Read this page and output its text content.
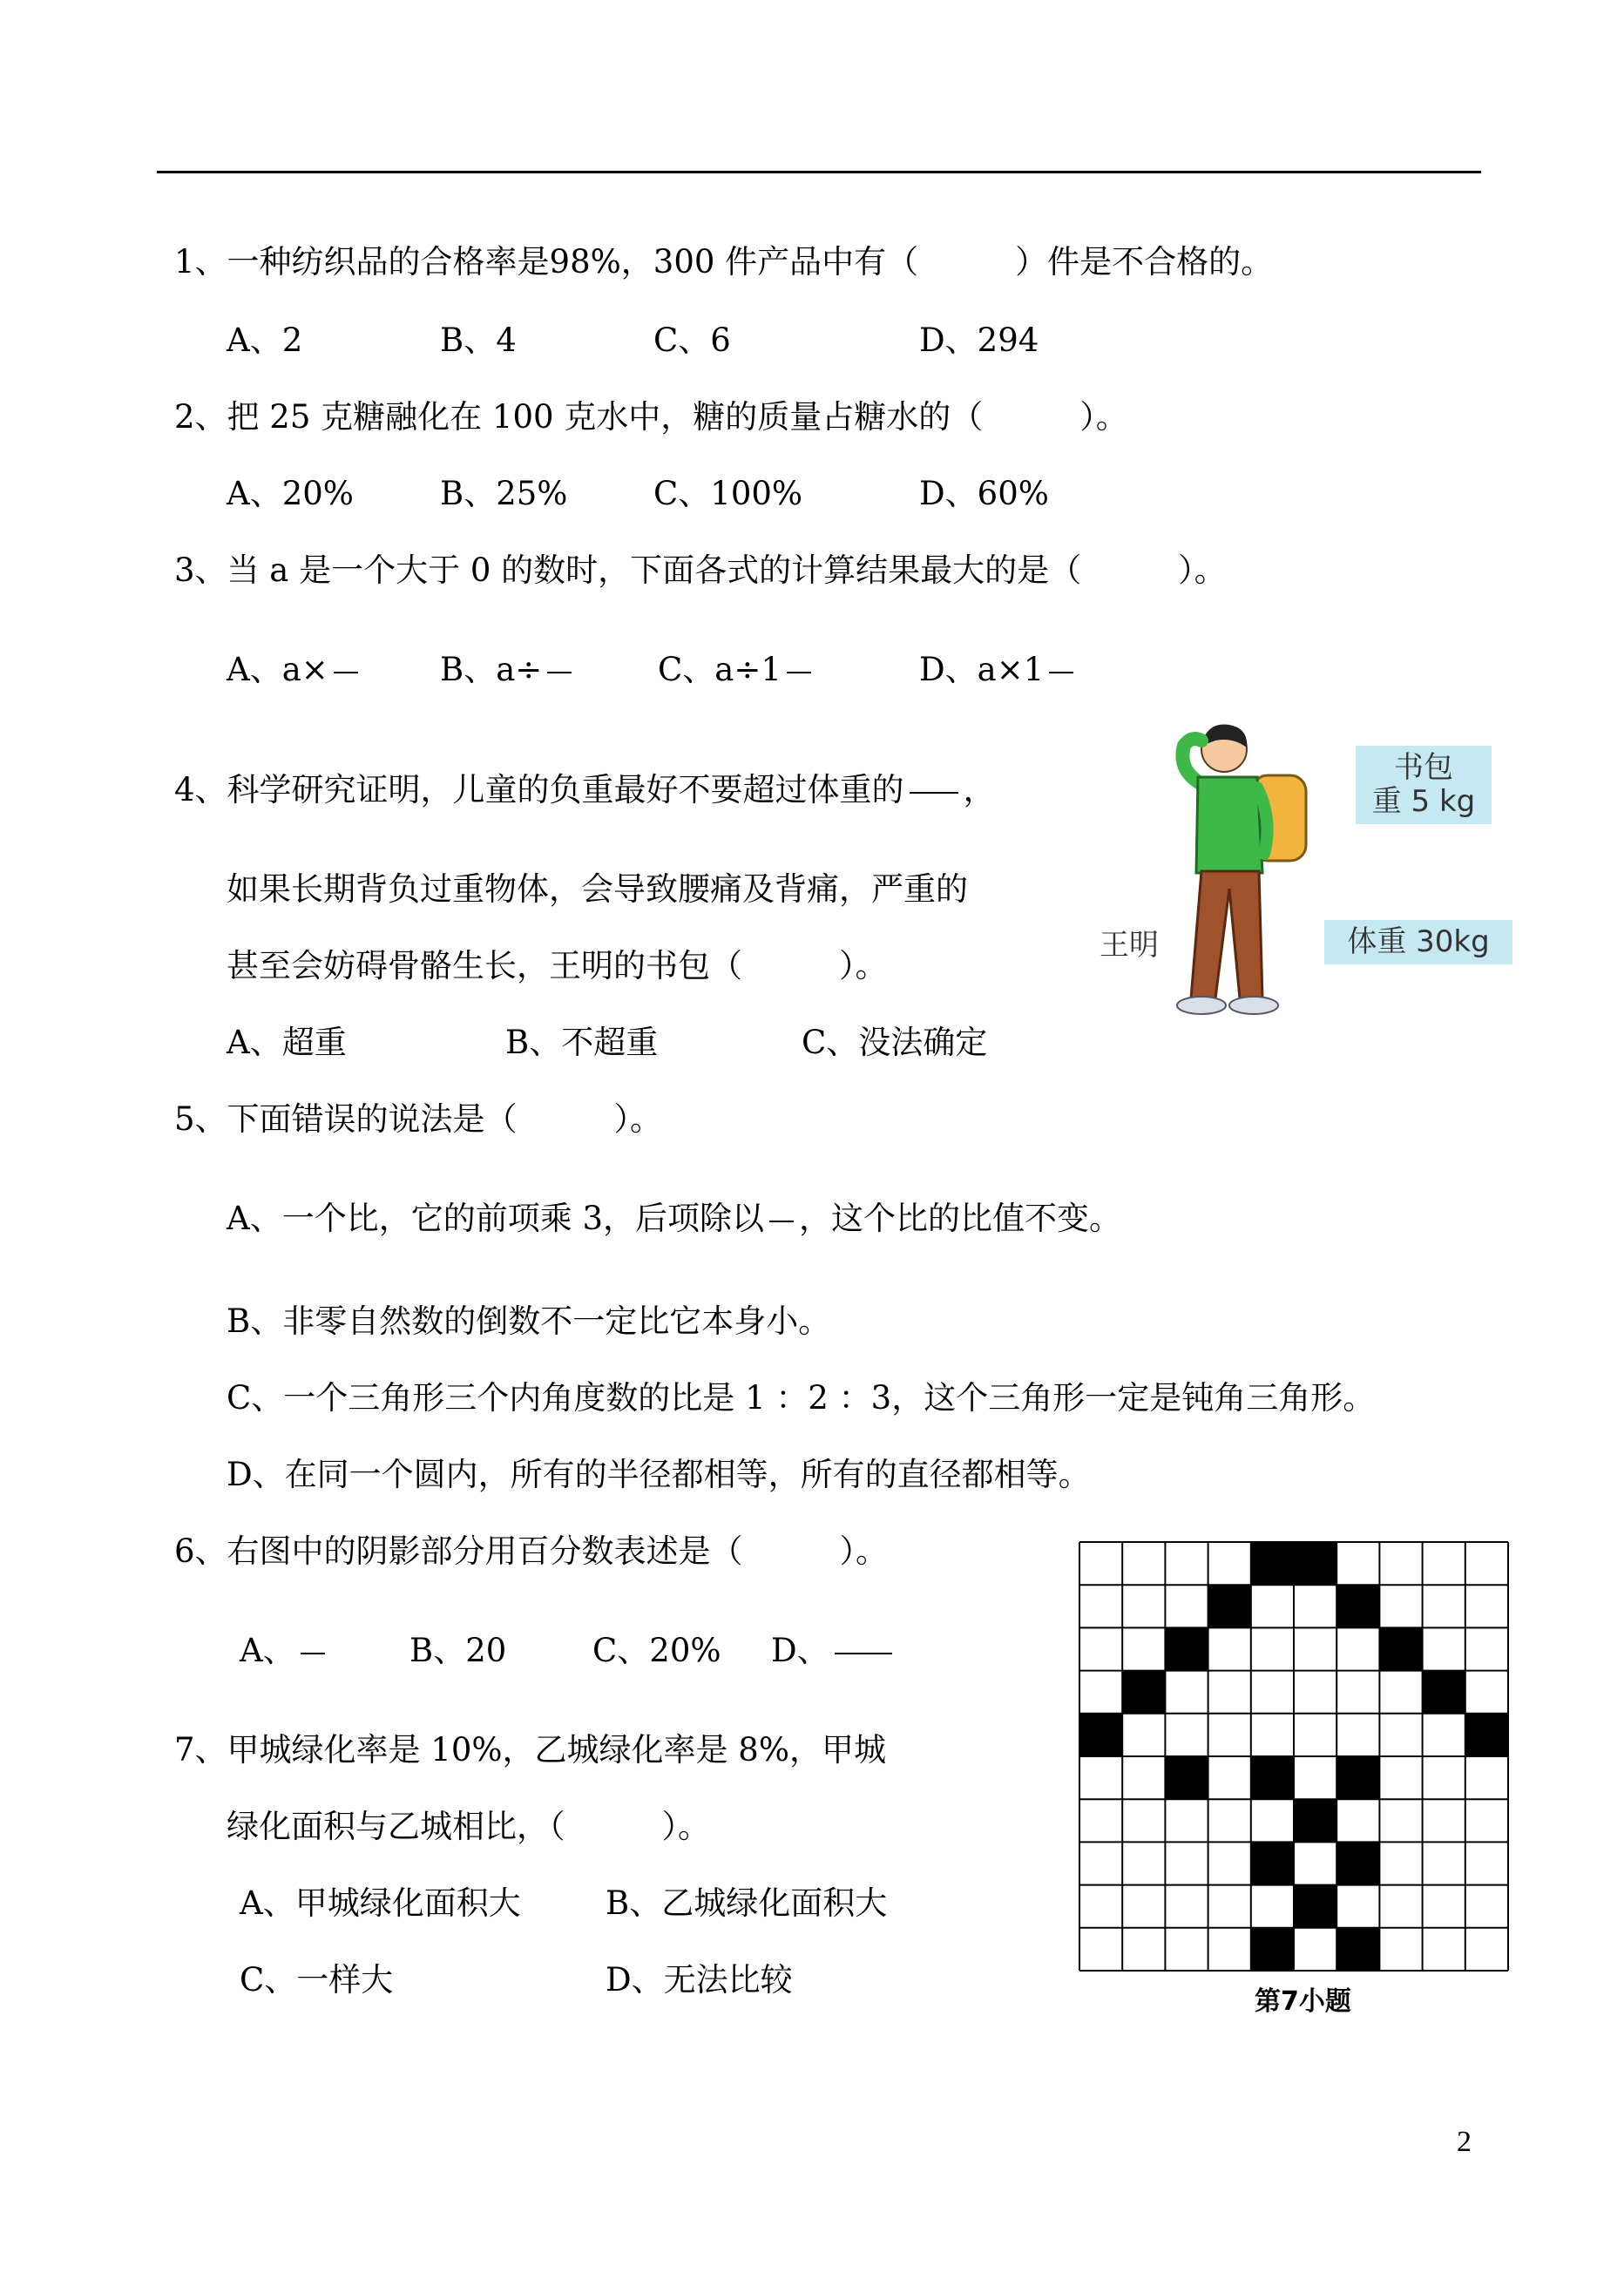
1、一种纺织品的合格率是98%，300 件产品中有（　　　）件是不合格的。
A、2	B、4	C、6	D、294
2、把 25 克糖融化在 100 克水中，糖的质量占糖水的（　　　）。
A、20%	B、25%	C、100%	D、60%
3、当 a 是一个大于 0 的数时，下面各式的计算结果最大的是（　　　）。
A、a×	B、a÷	C、a÷1	D、a×1
4、科学研究证明，儿童的负重最好不要超过体重的 ，
如果长期背负过重物体，会导致腰痛及背痛，严重的
甚至会妨碍骨骼生长，王明的书包（　　　）。
A、超重	B、不超重	C、没法确定
书包
重 5 kg
体重 30kg
王明
5、下面错误的说法是（　　　）。
A、一个比，它的前项乘 3，后项除以 ，这个比的比值不变。
B、非零自然数的倒数不一定比它本身小。
C、一个三角形三个内角度数的比是 1 ：2 ：3，这个三角形一定是钝角三角形。
D、在同一个圆内，所有的半径都相等，所有的直径都相等。
6、右图中的阴影部分用百分数表述是（　　　）。
A、	B、20	C、20% D、
7、甲城绿化率是 10%，乙城绿化率是 8%，甲城
绿化面积与乙城相比，（　　　）。
A、甲城绿化面积大	B、乙城绿化面积大
C、一样大	D、无法比较
第7小题
2
